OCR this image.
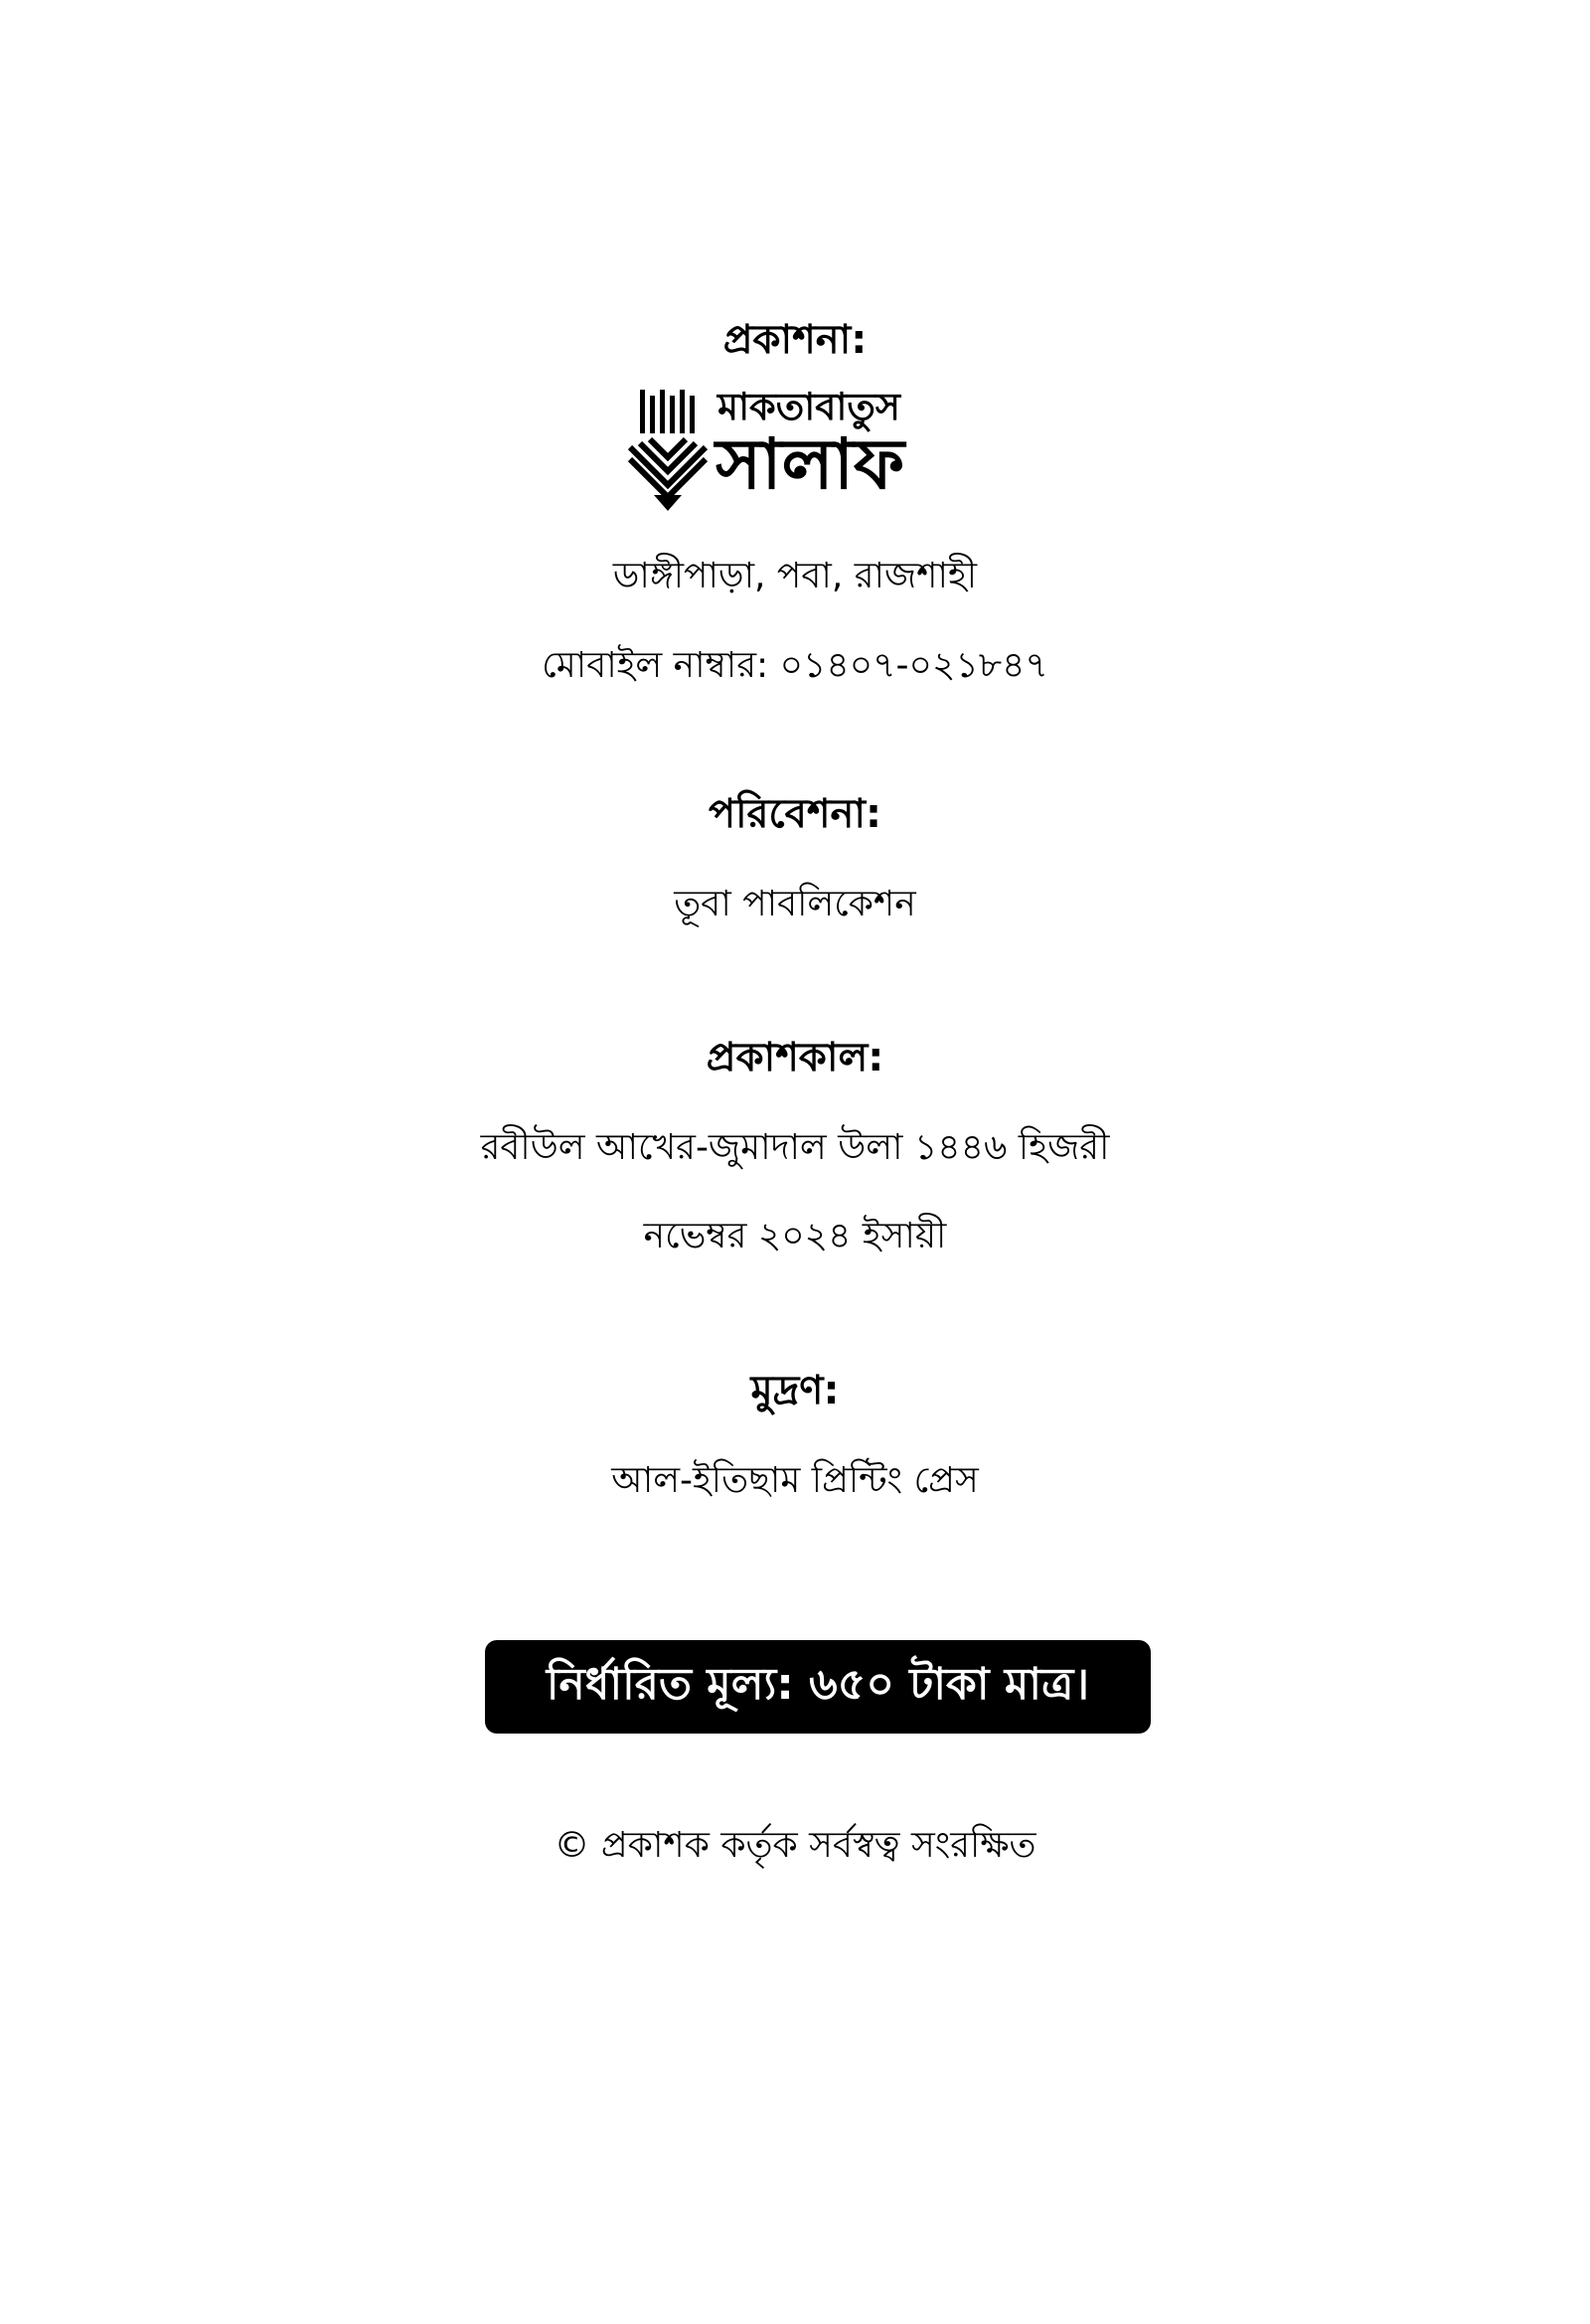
প্রকাশনা:
মাকতাবাতুস
সালাফ
ডাঙ্গীপাড়া, পবা, রাজশাহী
মোবাইল নাম্বার: ০১৪০৭-০২১৮৪৭
পরিবেশনা:
তূবা পাবলিকেশন
প্রকাশকাল:
রবীউল আখের-জুমাদাল উলা ১৪৪৬ হিজরী
নভেম্বর ২০২৪ ইসায়ী
মুদ্রণ:
আল-ইতিছাম প্রিন্টিং প্রেস
নির্ধারিত মূল্য: ৬৫০ টাকা মাত্র।
© প্রকাশক কর্তৃক সর্বস্বত্ব সংরক্ষিত
